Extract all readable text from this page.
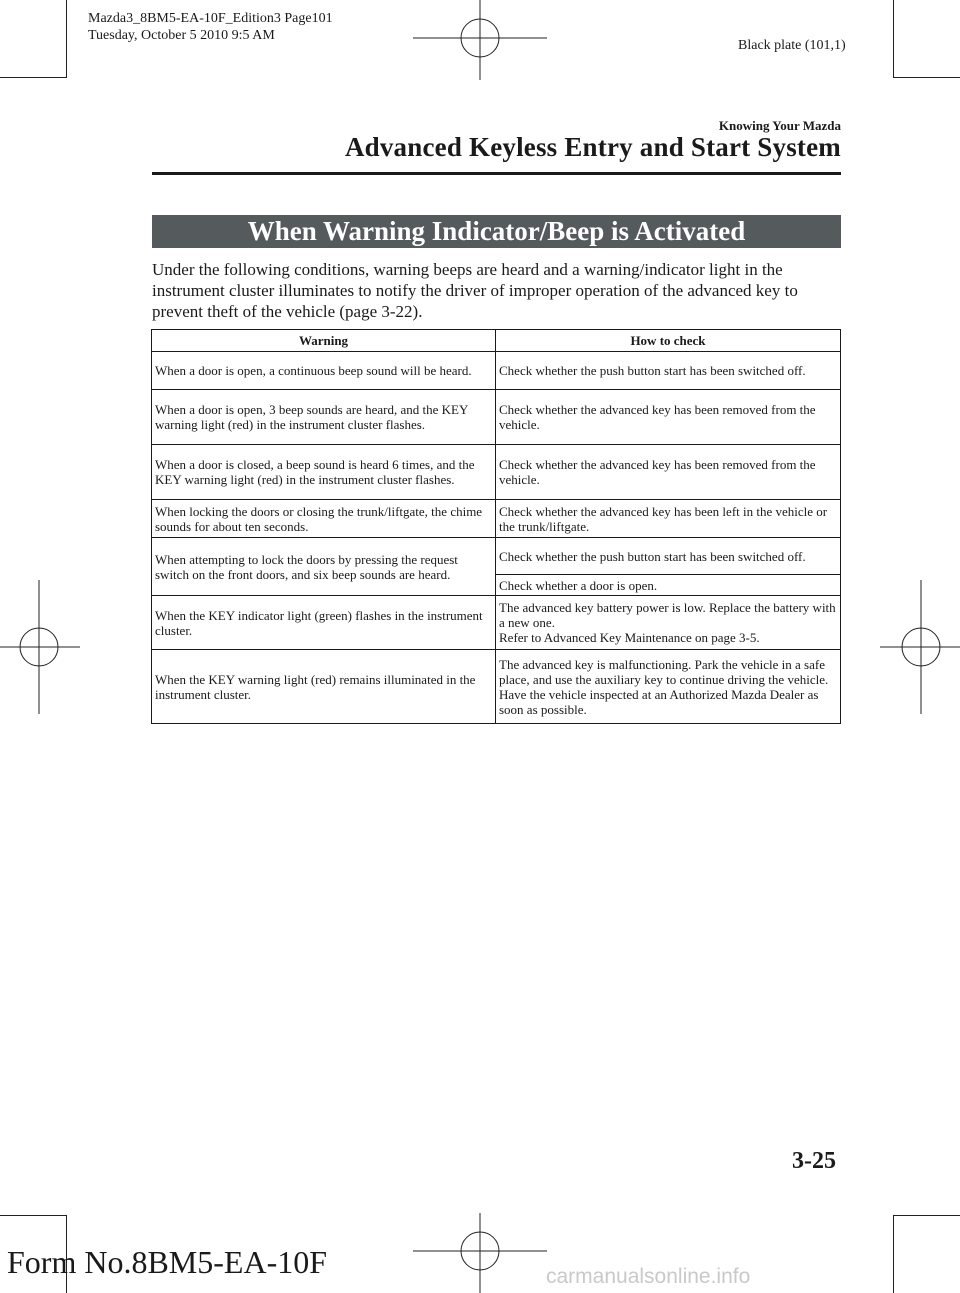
Mazda3_8BM5-EA-10F_Edition3 Page101
Tuesday, October 5 2010 9:5 AM
Black plate (101,1)
Knowing Your Mazda
Advanced Keyless Entry and Start System
When Warning Indicator/Beep is Activated
Under the following conditions, warning beeps are heard and a warning/indicator light in the instrument cluster illuminates to notify the driver of improper operation of the advanced key to prevent theft of the vehicle (page 3-22).
Warning	How to check
When a door is open, a continuous beep sound will be heard.	Check whether the push button start has been switched off.
When a door is open, 3 beep sounds are heard, and the KEY warning light (red) in the instrument cluster flashes.	Check whether the advanced key has been removed from the vehicle.
When a door is closed, a beep sound is heard 6 times, and the KEY warning light (red) in the instrument cluster flashes.	Check whether the advanced key has been removed from the vehicle.
When locking the doors or closing the trunk/liftgate, the chime sounds for about ten seconds.	Check whether the advanced key has been left in the vehicle or the trunk/liftgate.
When attempting to lock the doors by pressing the request switch on the front doors, and six beep sounds are heard.	Check whether the push button start has been switched off.
	Check whether a door is open.
When the KEY indicator light (green) flashes in the instrument cluster.	The advanced key battery power is low. Replace the battery with a new one.
Refer to Advanced Key Maintenance on page 3-5.
When the KEY warning light (red) remains illuminated in the instrument cluster.	The advanced key is malfunctioning. Park the vehicle in a safe place, and use the auxiliary key to continue driving the vehicle. Have the vehicle inspected at an Authorized Mazda Dealer as soon as possible.
3-25
Form No.8BM5-EA-10F	carmanualsonline.info
